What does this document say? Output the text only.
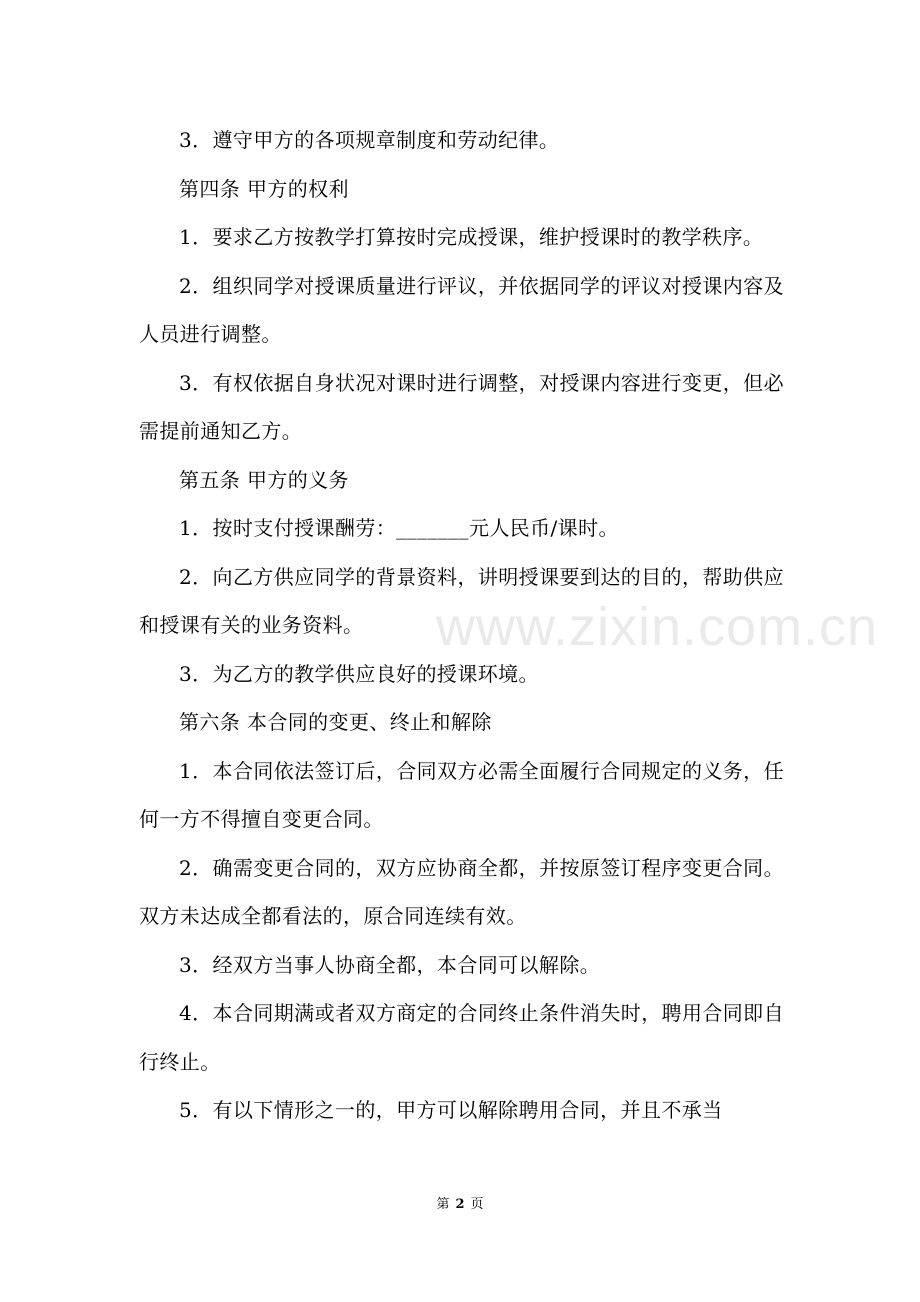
3．遵守甲方的各项规章制度和劳动纪律。

第四条 甲方的权利

1．要求乙方按教学打算按时完成授课，维护授课时的教学秩序。

2．组织同学对授课质量进行评议，并依据同学的评议对授课内容及人员进行调整。

3．有权依据自身状况对课时进行调整，对授课内容进行变更，但必需提前通知乙方。

第五条 甲方的义务

1．按时支付授课酬劳：_______元人民币/课时。

2．向乙方供应同学的背景资料，讲明授课要到达的目的，帮助供应和授课有关的业务资料。

3．为乙方的教学供应良好的授课环境。

第六条 本合同的变更、终止和解除

1．本合同依法签订后，合同双方必需全面履行合同规定的义务，任何一方不得擅自变更合同。

2．确需变更合同的，双方应协商全都，并按原签订程序变更合同。双方未达成全都看法的，原合同连续有效。

3．经双方当事人协商全都，本合同可以解除。

4．本合同期满或者双方商定的合同终止条件消失时，聘用合同即自行终止。

5．有以下情形之一的，甲方可以解除聘用合同，并且不承当

www.zixin.com.cn
第 2 页
